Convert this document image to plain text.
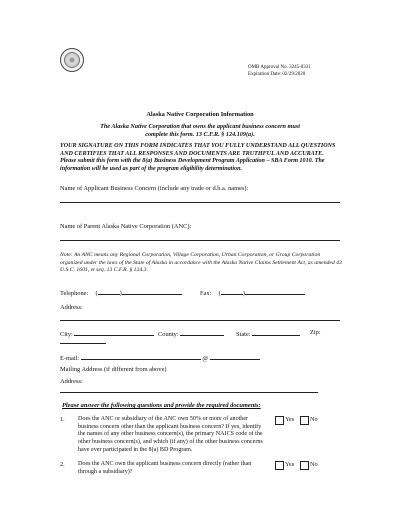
OMB Approval No. 3245-0331
Expiration Date: 02/29/2020
Alaska Native Corporation Information
The Alaska Native Corporation that owns the applicant business concern must complete this form. 13 C.F.R. § 124.109(a).
YOUR SIGNATURE ON THIS FORM INDICATES THAT YOU FULLY UNDERSTAND ALL QUESTIONS AND CERTIFIES THAT ALL RESPONSES AND DOCUMENTS ARE TRUTHFUL AND ACCURATE. Please submit this form with the 8(a) Business Development Program Application – SBA Form 1010. The information will be used as part of the program eligibility determination.
Name of Applicant Business Concern (include any trade or d.b.a. names):
Name of Parent Alaska Native Corporation (ANC):
Note: An ANC means any Regional Corporation, Village Corporation, Urban Corporation, or Group Corporation organized under the laws of the State of Alaska in accordance with the Alaska Native Claims Settlement Act, as amended 43 U.S.C. 1601, et seq. 13 C.F.R. § 124.3.
Telephone: (	)	Fax: (	)
Address:
City:	County:	State:	Zip:
E-mail:	@
Mailing Address (if different from above)
Address:
Please answer the following questions and provide the required documents:
1. Does the ANC or subsidiary of the ANC own 50% or more of another business concern other than the applicant business concern? If yes, identify the names of any other business concern(s), the primary NAICS code of the other business concern(s), and which (if any) of the other business concerns have ever participated in the 8(a) BD Program.
Yes	No
2. Does the ANC own the applicant business concern directly (rather than through a subsidiary)?
Yes	No
